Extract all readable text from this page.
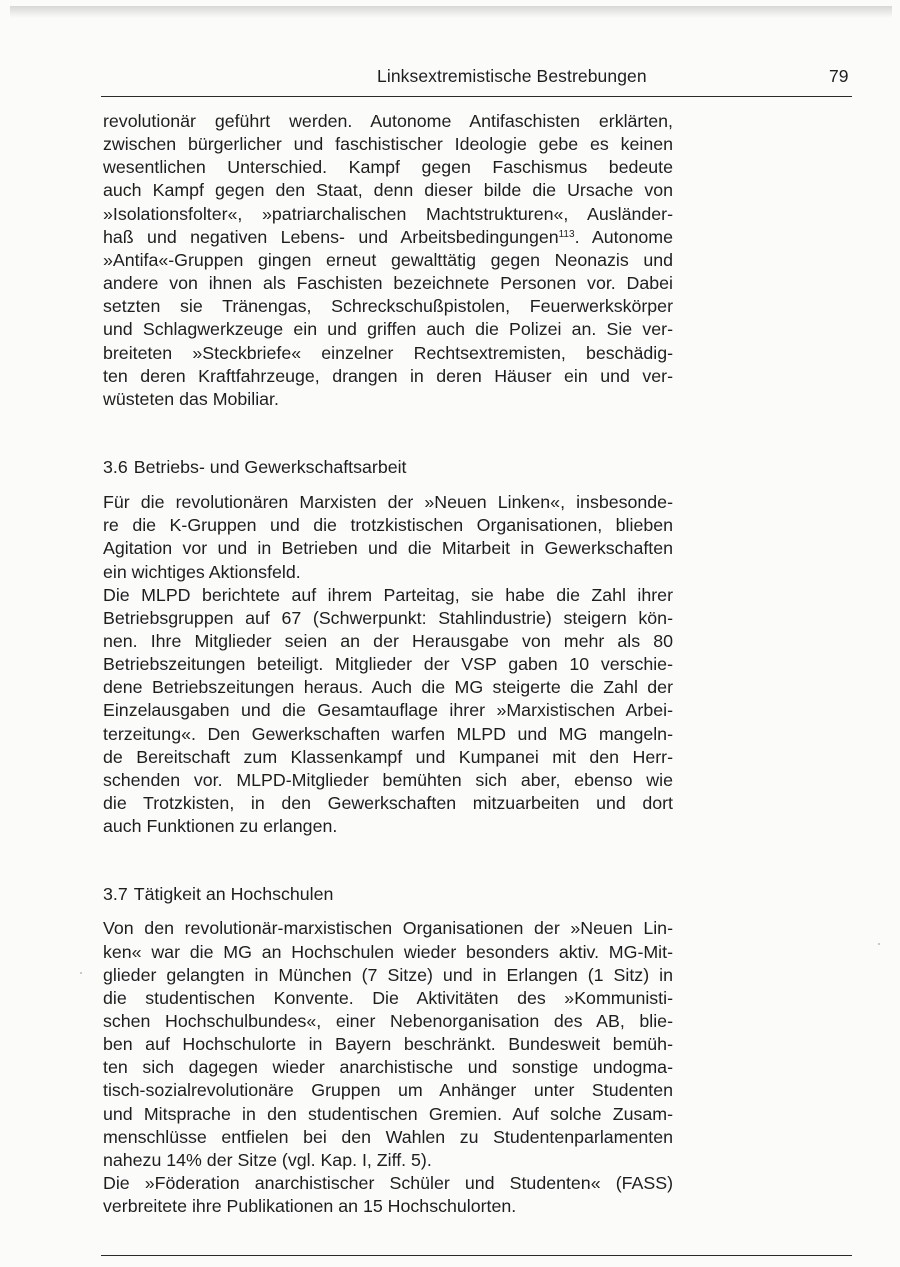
Linksextremistische Bestrebungen	79

revolutionär geführt werden. Autonome Antifaschisten erklärten,
zwischen bürgerlicher und faschistischer Ideologie gebe es keinen
wesentlichen Unterschied. Kampf gegen Faschismus bedeute
auch Kampf gegen den Staat, denn dieser bilde die Ursache von
»Isolationsfolter«, »patriarchalischen Machtstrukturen«, Ausländer-
haß und negativen Lebens- und Arbeitsbedingungen$^{113}$. Autonome
»Antifa«-Gruppen gingen erneut gewalttätig gegen Neonazis und
andere von ihnen als Faschisten bezeichnete Personen vor. Dabei
setzten sie Tränengas, Schreckschußpistolen, Feuerwerkskörper
und Schlagwerkzeuge ein und griffen auch die Polizei an. Sie ver-
breiteten »Steckbriefe« einzelner Rechtsextremisten, beschädig-
ten deren Kraftfahrzeuge, drangen in deren Häuser ein und ver-
wüsteten das Mobiliar.

3.6 Betriebs- und Gewerkschaftsarbeit

Für die revolutionären Marxisten der »Neuen Linken«, insbesonde-
re die K-Gruppen und die trotzkistischen Organisationen, blieben
Agitation vor und in Betrieben und die Mitarbeit in Gewerkschaften
ein wichtiges Aktionsfeld.

Die MLPD berichtete auf ihrem Parteitag, sie habe die Zahl ihrer
Betriebsgruppen auf 67 (Schwerpunkt: Stahlindustrie) steigern kön-
nen. Ihre Mitglieder seien an der Herausgabe von mehr als 80
Betriebszeitungen beteiligt. Mitglieder der VSP gaben 10 verschie-
dene Betriebszeitungen heraus. Auch die MG steigerte die Zahl der
Einzelausgaben und die Gesamtauflage ihrer »Marxistischen Arbei-
terzeitung«. Den Gewerkschaften warfen MLPD und MG mangeln-
de Bereitschaft zum Klassenkampf und Kumpanei mit den Herr-
schenden vor. MLPD-Mitglieder bemühten sich aber, ebenso wie
die Trotzkisten, in den Gewerkschaften mitzuarbeiten und dort
auch Funktionen zu erlangen.

3.7 Tätigkeit an Hochschulen

Von den revolutionär-marxistischen Organisationen der »Neuen Lin-
ken« war die MG an Hochschulen wieder besonders aktiv. MG-Mit-
glieder gelangten in München (7 Sitze) und in Erlangen (1 Sitz) in
die studentischen Konvente. Die Aktivitäten des »Kommunisti-
schen Hochschulbundes«, einer Nebenorganisation des AB, blie-
ben auf Hochschulorte in Bayern beschränkt. Bundesweit bemüh-
ten sich dagegen wieder anarchistische und sonstige undogma-
tisch-sozialrevolutionäre Gruppen um Anhänger unter Studenten
und Mitsprache in den studentischen Gremien. Auf solche Zusam-
menschlüsse entfielen bei den Wahlen zu Studentenparlamenten
nahezu 14% der Sitze (vgl. Kap. I, Ziff. 5).

Die »Föderation anarchistischer Schüler und Studenten« (FASS)
verbreitete ihre Publikationen an 15 Hochschulorten.
